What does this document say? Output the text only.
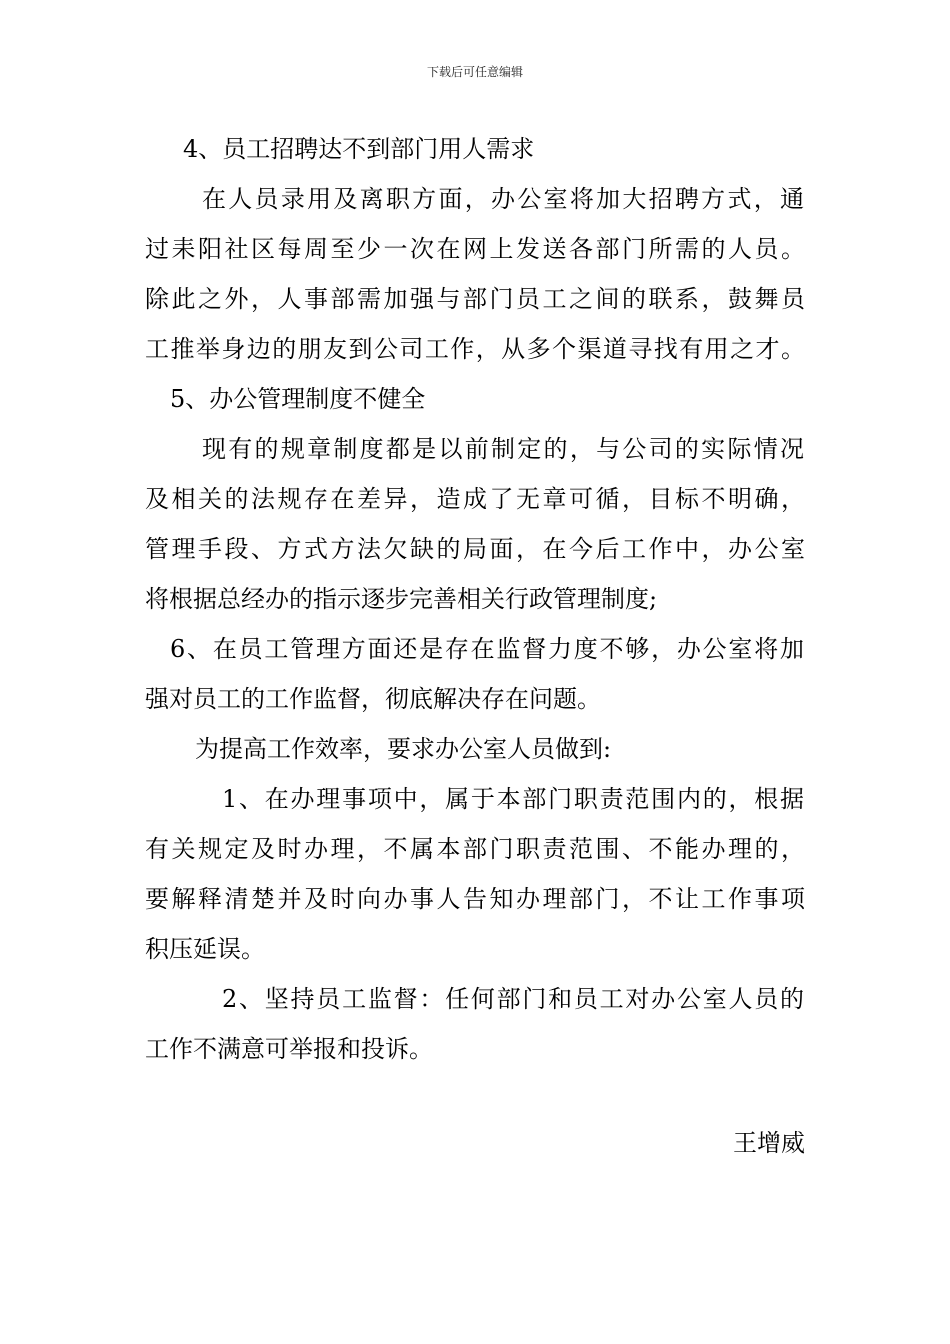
下载后可任意编辑
4、员工招聘达不到部门用人需求
在人员录用及离职方面，办公室将加大招聘方式，通
过耒阳社区每周至少一次在网上发送各部门所需的人员。
除此之外，人事部需加强与部门员工之间的联系，鼓舞员
工推举身边的朋友到公司工作，从多个渠道寻找有用之才。
5、办公管理制度不健全
现有的规章制度都是以前制定的，与公司的实际情况
及相关的法规存在差异，造成了无章可循，目标不明确，
管理手段、方式方法欠缺的局面，在今后工作中，办公室
将根据总经办的指示逐步完善相关行政管理制度;
6、在员工管理方面还是存在监督力度不够，办公室将加
强对员工的工作监督，彻底解决存在问题。
为提高工作效率，要求办公室人员做到:
1、在办理事项中，属于本部门职责范围内的，根据
有关规定及时办理，不属本部门职责范围、不能办理的，
要解释清楚并及时向办事人告知办理部门，不让工作事项
积压延误。
2、坚持员工监督：任何部门和员工对办公室人员的
工作不满意可举报和投诉。
王增威
